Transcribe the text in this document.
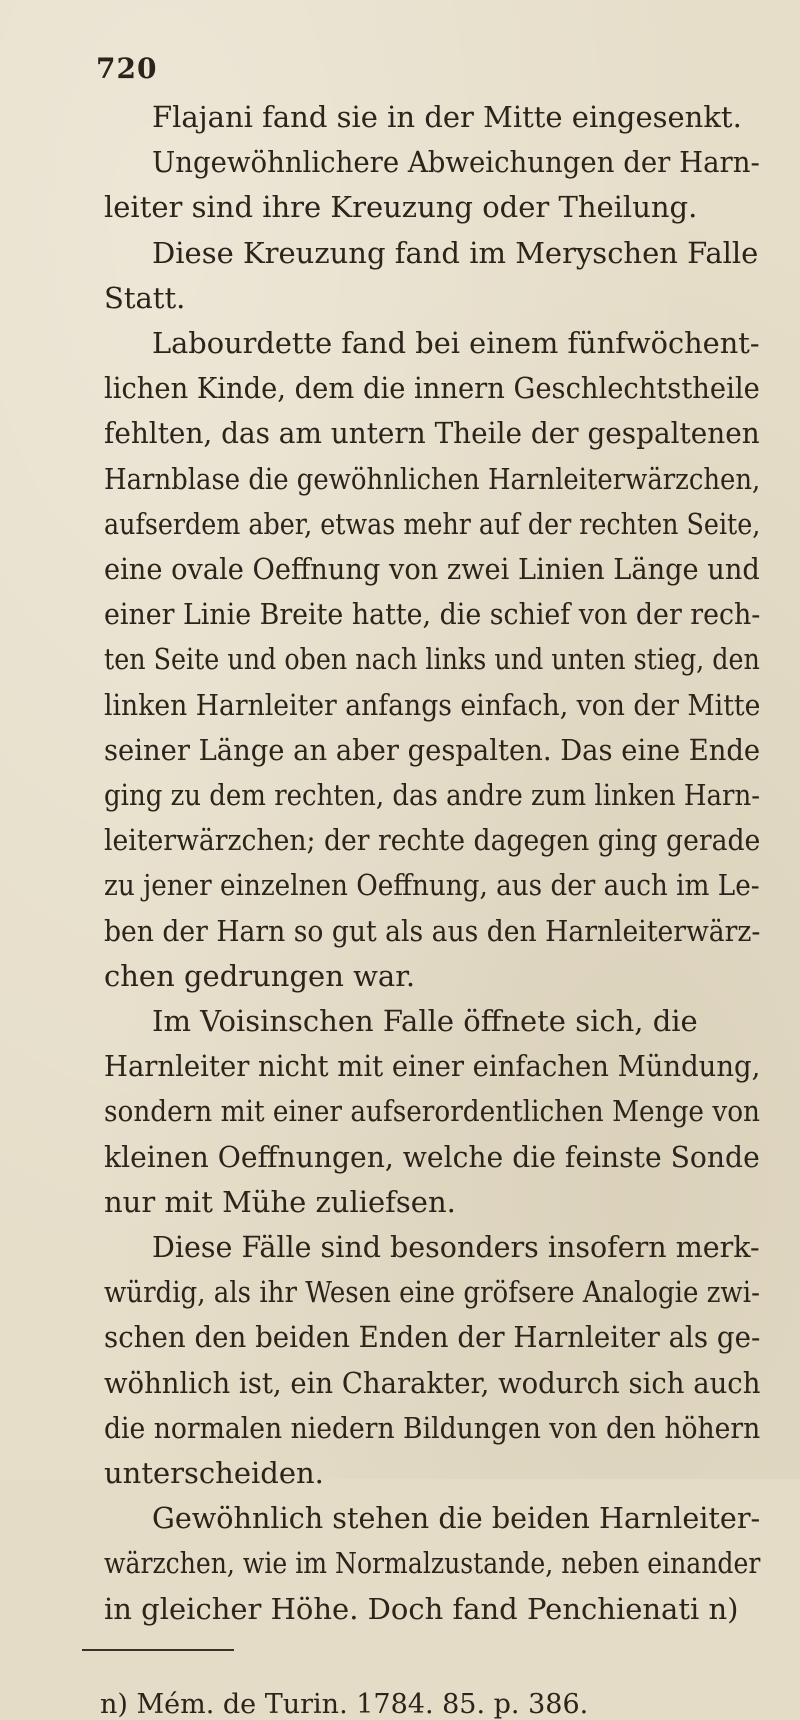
720
Flajani fand sie in der Mitte eingesenkt.
Ungewöhnlichere Abweichungen der Harn-
leiter sind ihre Kreuzung oder Theilung.
Diese Kreuzung fand im Meryschen Falle
Statt.
Labourdette fand bei einem fünfwöchent-
lichen Kinde, dem die innern Geschlechtstheile
fehlten, das am untern Theile der gespaltenen
Harnblase die gewöhnlichen Harnleiterwärzchen,
aufserdem aber, etwas mehr auf der rechten Seite,
eine ovale Oeffnung von zwei Linien Länge und
einer Linie Breite hatte, die schief von der rech-
ten Seite und oben nach links und unten stieg, den
linken Harnleiter anfangs einfach, von der Mitte
seiner Länge an aber gespalten. Das eine Ende
ging zu dem rechten, das andre zum linken Harn-
leiterwärzchen; der rechte dagegen ging gerade
zu jener einzelnen Oeffnung, aus der auch im Le-
ben der Harn so gut als aus den Harnleiterwärz-
chen gedrungen war.
Im Voisinschen Falle öffnete sich, die
Harnleiter nicht mit einer einfachen Mündung,
sondern mit einer aufserordentlichen Menge von
kleinen Oeffnungen, welche die feinste Sonde
nur mit Mühe zuliefsen.
Diese Fälle sind besonders insofern merk-
würdig, als ihr Wesen eine gröfsere Analogie zwi-
schen den beiden Enden der Harnleiter als ge-
wöhnlich ist, ein Charakter, wodurch sich auch
die normalen niedern Bildungen von den höhern
unterscheiden.
Gewöhnlich stehen die beiden Harnleiter-
wärzchen, wie im Normalzustande, neben einander
in gleicher Höhe. Doch fand Penchienati n)
n) Mém. de Turin. 1784. 85. p. 386.
